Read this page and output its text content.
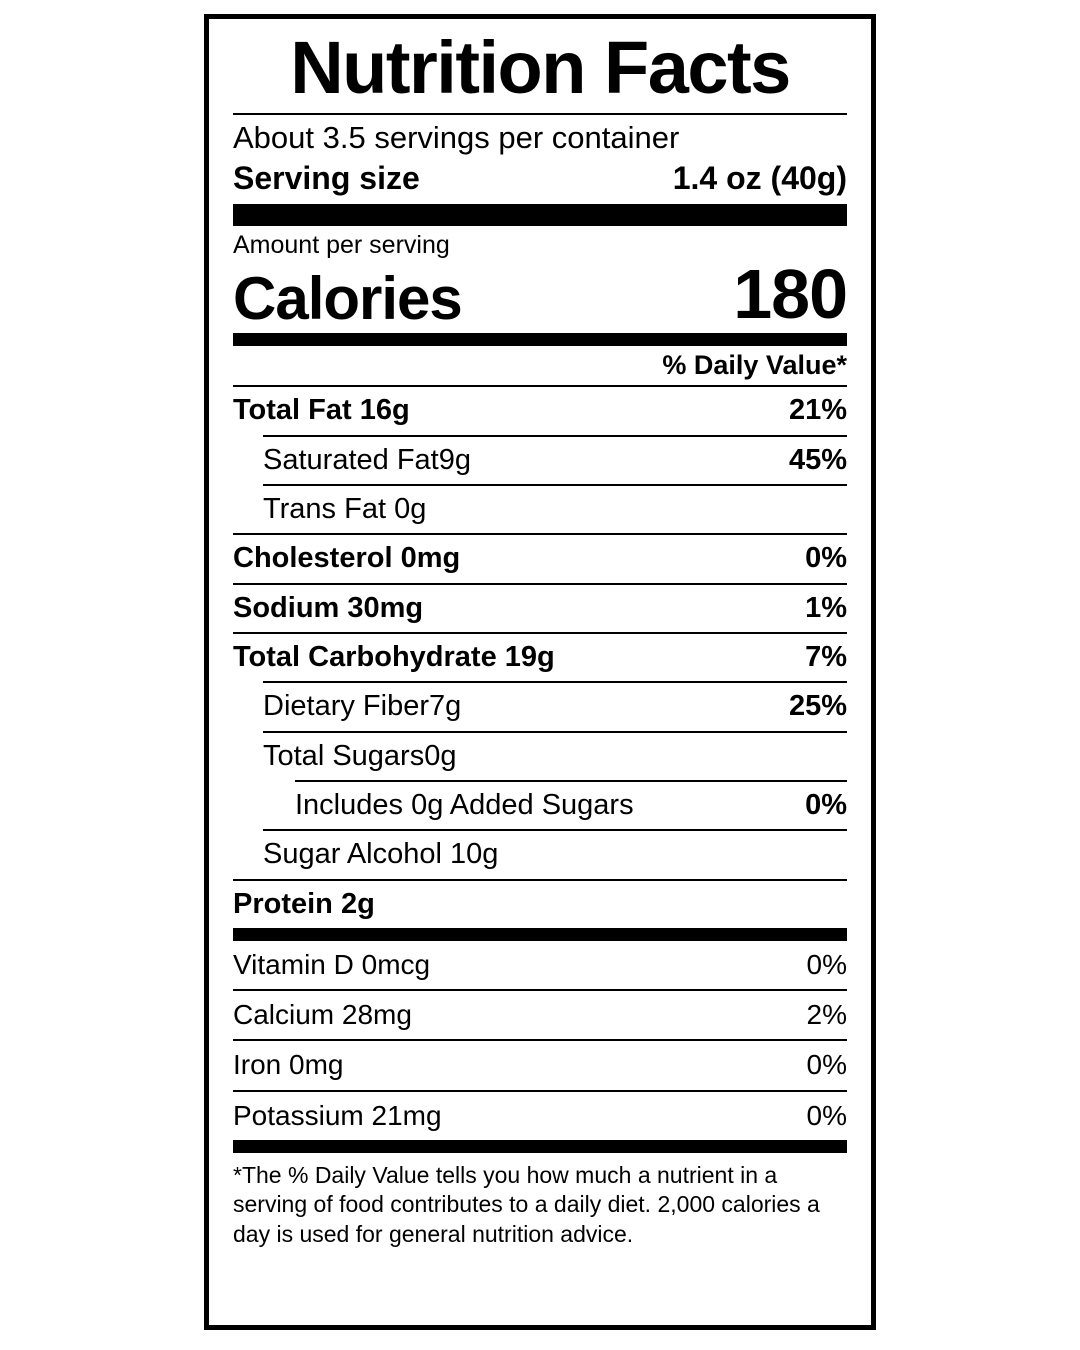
Nutrition Facts
About 3.5 servings per container
Serving size	1.4 oz (40g)
Amount per serving
Calories	180
% Daily Value*
Total Fat 16g	21%
Saturated Fat9g	45%
Trans Fat 0g
Cholesterol 0mg	0%
Sodium 30mg	1%
Total Carbohydrate 19g	7%
Dietary Fiber7g	25%
Total Sugars0g
Includes 0g Added Sugars	0%
Sugar Alcohol 10g
Protein 2g
Vitamin D 0mcg	0%
Calcium 28mg	2%
Iron 0mg	0%
Potassium 21mg	0%
*The % Daily Value tells you how much a nutrient in a serving of food contributes to a daily diet. 2,000 calories a day is used for general nutrition advice.
